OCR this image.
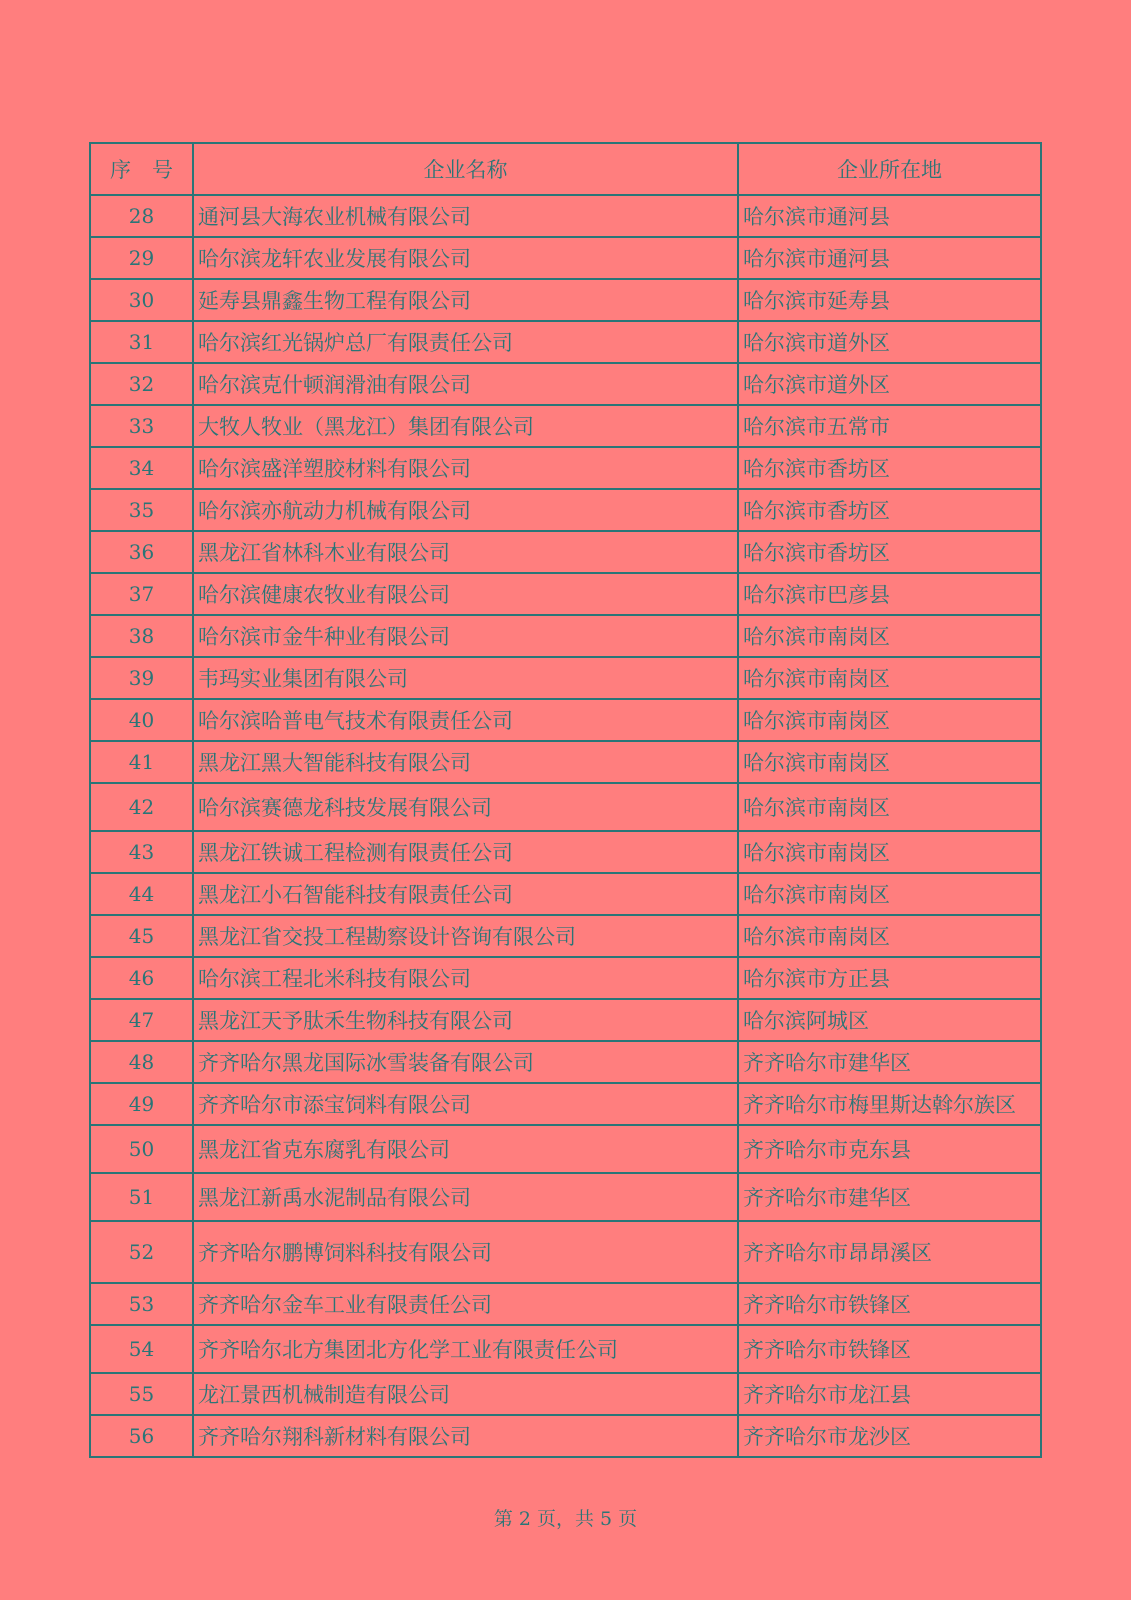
序　号	企业名称	企业所在地
28	通河县大海农业机械有限公司	哈尔滨市通河县
29	哈尔滨龙轩农业发展有限公司	哈尔滨市通河县
30	延寿县鼎鑫生物工程有限公司	哈尔滨市延寿县
31	哈尔滨红光锅炉总厂有限责任公司	哈尔滨市道外区
32	哈尔滨克什顿润滑油有限公司	哈尔滨市道外区
33	大牧人牧业（黑龙江）集团有限公司	哈尔滨市五常市
34	哈尔滨盛洋塑胶材料有限公司	哈尔滨市香坊区
35	哈尔滨亦航动力机械有限公司	哈尔滨市香坊区
36	黑龙江省林科木业有限公司	哈尔滨市香坊区
37	哈尔滨健康农牧业有限公司	哈尔滨市巴彦县
38	哈尔滨市金牛种业有限公司	哈尔滨市南岗区
39	韦玛实业集团有限公司	哈尔滨市南岗区
40	哈尔滨哈普电气技术有限责任公司	哈尔滨市南岗区
41	黑龙江黑大智能科技有限公司	哈尔滨市南岗区
42	哈尔滨赛德龙科技发展有限公司	哈尔滨市南岗区
43	黑龙江铁诚工程检测有限责任公司	哈尔滨市南岗区
44	黑龙江小石智能科技有限责任公司	哈尔滨市南岗区
45	黑龙江省交投工程勘察设计咨询有限公司	哈尔滨市南岗区
46	哈尔滨工程北米科技有限公司	哈尔滨市方正县
47	黑龙江天予肽禾生物科技有限公司	哈尔滨阿城区
48	齐齐哈尔黑龙国际冰雪装备有限公司	齐齐哈尔市建华区
49	齐齐哈尔市添宝饲料有限公司	齐齐哈尔市梅里斯达斡尔族区
50	黑龙江省克东腐乳有限公司	齐齐哈尔市克东县
51	黑龙江新禹水泥制品有限公司	齐齐哈尔市建华区
52	齐齐哈尔鹏博饲料科技有限公司	齐齐哈尔市昂昂溪区
53	齐齐哈尔金车工业有限责任公司	齐齐哈尔市铁锋区
54	齐齐哈尔北方集团北方化学工业有限责任公司	齐齐哈尔市铁锋区
55	龙江景西机械制造有限公司	齐齐哈尔市龙江县
56	齐齐哈尔翔科新材料有限公司	齐齐哈尔市龙沙区
第 2 页，共 5 页
